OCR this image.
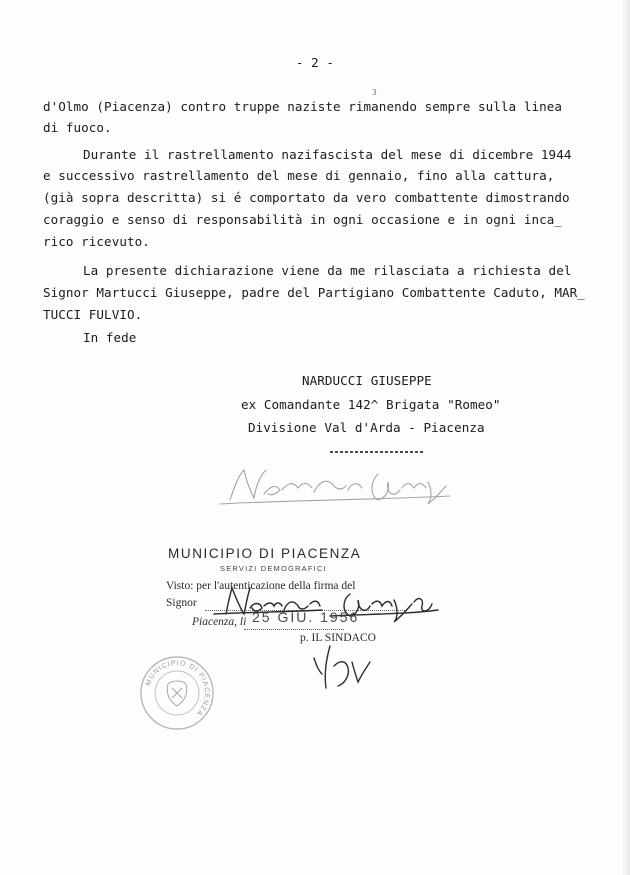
- 2 -
3
d'Olmo (Piacenza) contro truppe naziste rimanendo sempre sulla linea
di fuoco.
Durante il rastrellamento nazifascista del mese di dicembre 1944
e successivo rastrellamento del mese di gennaio, fino alla cattura,
(già sopra descritta) si é comportato da vero combattente dimostrando
coraggio e senso di responsabilità in ogni occasione e in ogni inca_
rico ricevuto.
La presente dichiarazione viene da me rilasciata a richiesta del
Signor Martucci Giuseppe, padre del Partigiano Combattente Caduto, MAR_
TUCCI FULVIO.
In fede
NARDUCCI GIUSEPPE
ex Comandante 142^ Brigata "Romeo"
Divisione Val d'Arda - Piacenza
MUNICIPIO DI PIACENZA
SERVIZI DEMOGRAFICI
Visto: per l'autenticazione della firma del
Signor
Piacenza, li 25 GIU. 1956
p. IL SINDACO
MUNICIPIO DI PIACENZA
